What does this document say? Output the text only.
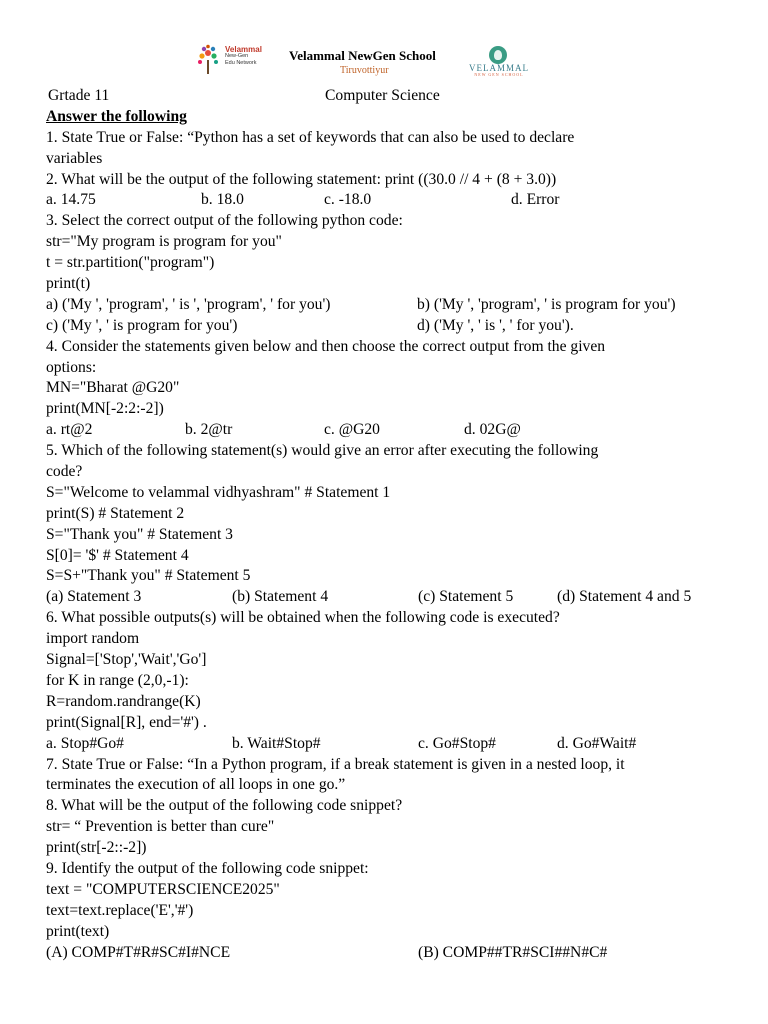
Velammal
New-Gen
Edu Network	Velammal NewGen School
Tiruvottiyur	VELAMMAL
NEW GEN SCHOOL
Grtade 11	Computer Science
Answer the following
1. State True or False: “Python has a set of keywords that can also be used to declare
variables
2. What will be the output of the following statement: print ((30.0 // 4 + (8 + 3.0))
a. 14.75	b. 18.0	c. -18.0	d. Error
3. Select the correct output of the following python code:
str="My program is program for you"
t = str.partition("program")
print(t)
a) ('My ', 'program', ' is ', 'program', ' for you')	b) ('My ', 'program', ' is program for you')
c) ('My ', ' is program for you')	d) ('My ', ' is ', ' for you').
4. Consider the statements given below and then choose the correct output from the given
options:
MN="Bharat @G20"
print(MN[-2:2:-2])
a. rt@2	b. 2@tr	c. @G20	d. 02G@
5. Which of the following statement(s) would give an error after executing the following
code?
S="Welcome to velammal vidhyashram" # Statement 1
print(S) # Statement 2
S="Thank you" # Statement 3
S[0]= '$' # Statement 4
S=S+"Thank you" # Statement 5
(a) Statement 3	(b) Statement 4	(c) Statement 5	(d) Statement 4 and 5
6. What possible outputs(s) will be obtained when the following code is executed?
import random
Signal=['Stop','Wait','Go']
for K in range (2,0,-1):
R=random.randrange(K)
print(Signal[R], end='#') .
a. Stop#Go#	b. Wait#Stop#	c. Go#Stop#	d. Go#Wait#
7. State True or False: “In a Python program, if a break statement is given in a nested loop, it
terminates the execution of all loops in one go.”
8. What will be the output of the following code snippet?
str= “ Prevention is better than cure"
print(str[-2::-2])
9. Identify the output of the following code snippet:
text = "COMPUTERSCIENCE2025"
text=text.replace('E','#')
print(text)
(A) COMP#T#R#SC#I#NCE	(B) COMP##TR#SCI##N#C#
